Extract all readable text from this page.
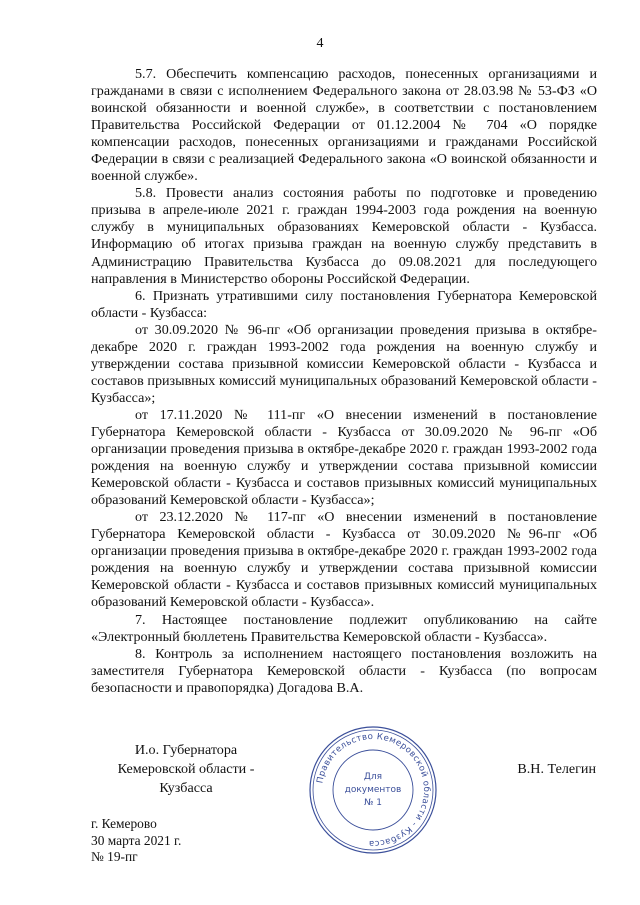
4

5.7. Обеспечить компенсацию расходов, понесенных организациями и гражданами в связи с исполнением Федерального закона от 28.03.98 № 53-ФЗ «О воинской обязанности и военной службе», в соответствии с постановлением Правительства Российской Федерации от 01.12.2004 № 704 «О порядке компенсации расходов, понесенных организациями и гражданами Российской Федерации в связи с реализацией Федерального закона «О воинской обязанности и военной службе».

5.8. Провести анализ состояния работы по подготовке и проведению призыва в апреле-июле 2021 г. граждан 1994-2003 года рождения на военную службу в муниципальных образованиях Кемеровской области - Кузбасса. Информацию об итогах призыва граждан на военную службу представить в Администрацию Правительства Кузбасса до 09.08.2021 для последующего направления в Министерство обороны Российской Федерации.

6. Признать утратившими силу постановления Губернатора Кемеровской области - Кузбасса:

от 30.09.2020 № 96-пг «Об организации проведения призыва в октябре-декабре 2020 г. граждан 1993-2002 года рождения на военную службу и утверждении состава призывной комиссии Кемеровской области - Кузбасса и составов призывных комиссий муниципальных образований Кемеровской области - Кузбасса»;

от 17.11.2020 № 111-пг «О внесении изменений в постановление Губернатора Кемеровской области - Кузбасса от 30.09.2020 № 96-пг «Об организации проведения призыва в октябре-декабре 2020 г. граждан 1993-2002 года рождения на военную службу и утверждении состава призывной комиссии Кемеровской области - Кузбасса и составов призывных комиссий муниципальных образований Кемеровской области - Кузбасса»;

от 23.12.2020 № 117-пг «О внесении изменений в постановление Губернатора Кемеровской области - Кузбасса от 30.09.2020 №96-пг «Об организации проведения призыва в октябре-декабре 2020 г. граждан 1993-2002 года рождения на военную службу и утверждении состава призывной комиссии Кемеровской области - Кузбасса и составов призывных комиссий муниципальных образований Кемеровской области - Кузбасса».

7. Настоящее постановление подлежит опубликованию на сайте «Электронный бюллетень Правительства Кемеровской области - Кузбасса».

8. Контроль за исполнением настоящего постановления возложить на заместителя Губернатора Кемеровской области - Кузбасса (по вопросам безопасности и правопорядка) Догадова В.А.

И.о. Губернатора
Кемеровской области - Кузбасса
В.Н. Телегин
Правительство Кемеровской области - Кузбасса
Для
документов
№ 1
г. Кемерово
30 марта 2021 г.
№ 19-пг
